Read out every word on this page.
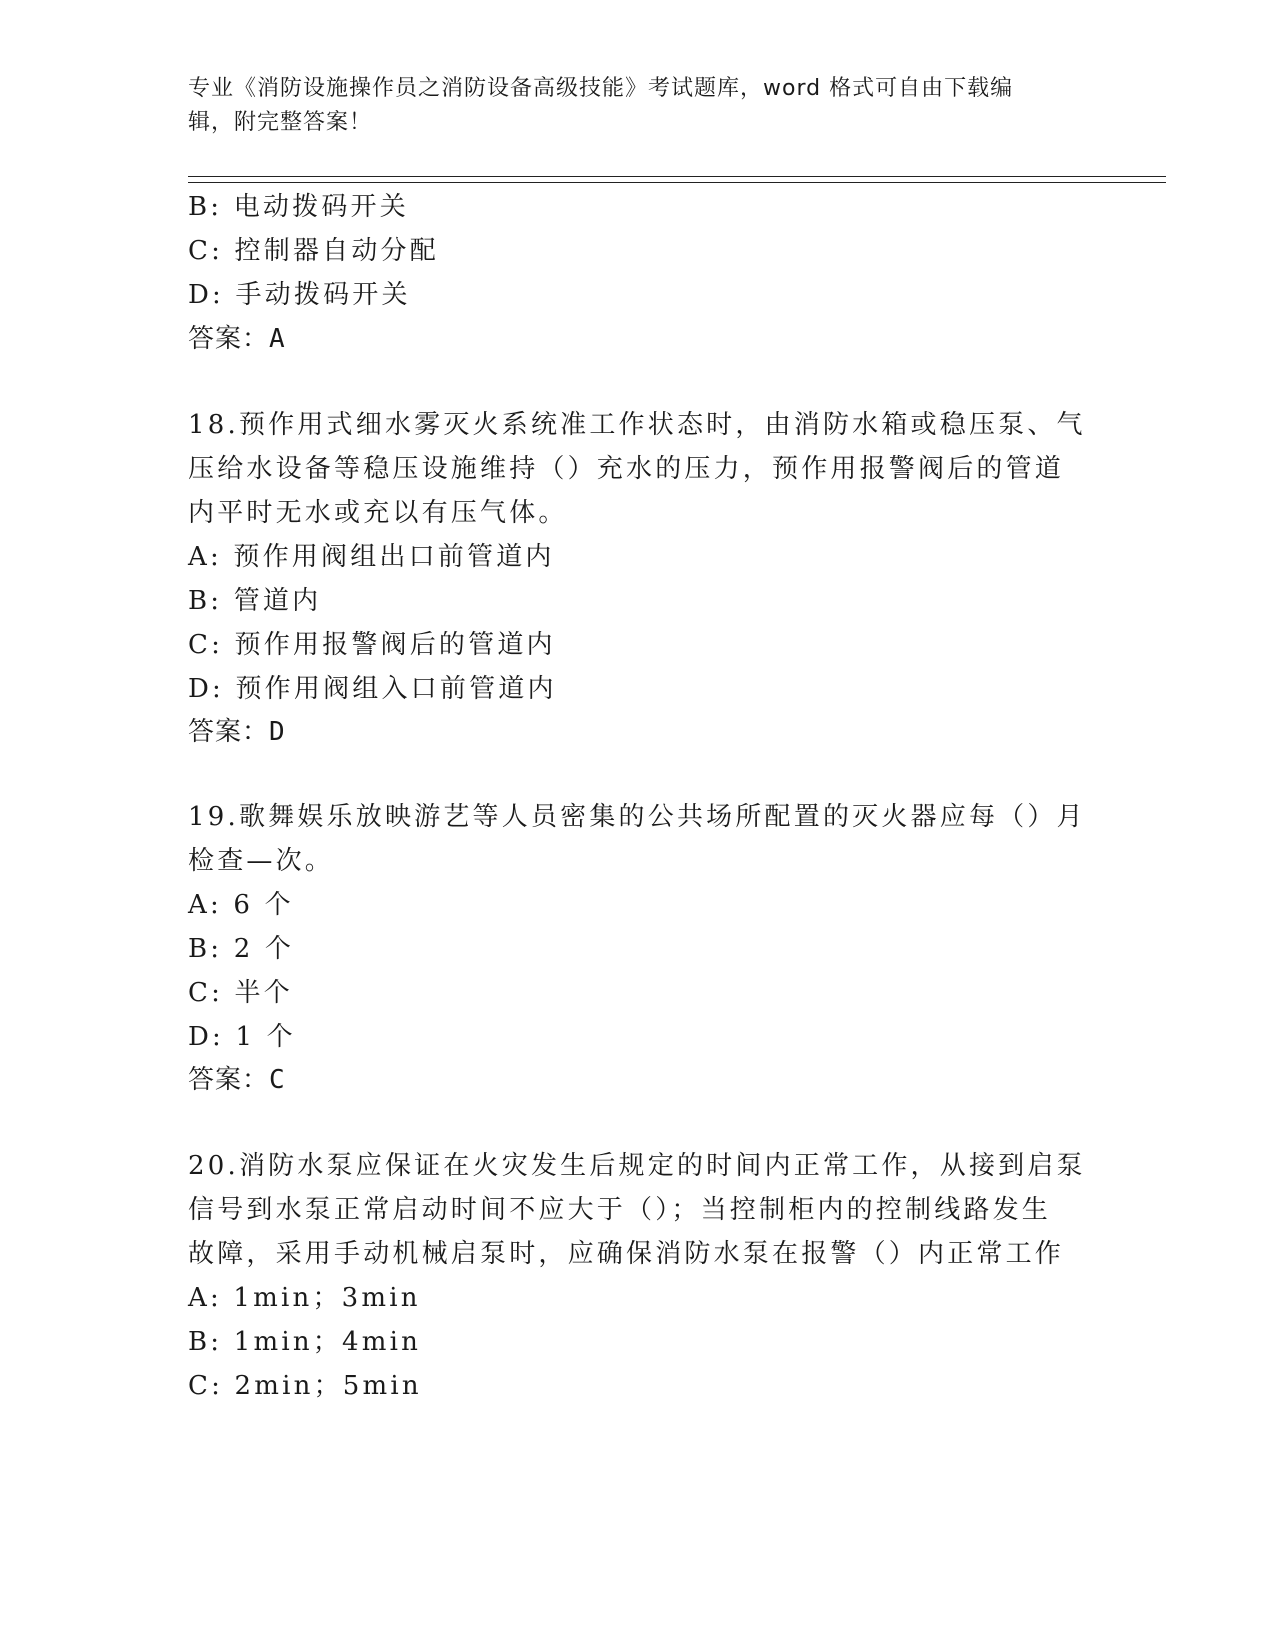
专业《消防设施操作员之消防设备高级技能》考试题库，word 格式可自由下载编
辑，附完整答案！
B: 电动拨码开关
C: 控制器自动分配
D: 手动拨码开关
答案：A
18.预作用式细水雾灭火系统准工作状态时，由消防水箱或稳压泵、气
压给水设备等稳压设施维持（）充水的压力，预作用报警阀后的管道
内平时无水或充以有压气体。
A: 预作用阀组出口前管道内
B: 管道内
C: 预作用报警阀后的管道内
D: 预作用阀组入口前管道内
答案：D
19.歌舞娱乐放映游艺等人员密集的公共场所配置的灭火器应每（）月
检查—次。
A: 6 个
B: 2 个
C: 半个
D: 1 个
答案：C
20.消防水泵应保证在火灾发生后规定的时间内正常工作，从接到启泵
信号到水泵正常启动时间不应大于（）；当控制柜内的控制线路发生
故障，采用手动机械启泵时，应确保消防水泵在报警（）内正常工作
A: 1min；3min
B: 1min；4min
C: 2min；5min
